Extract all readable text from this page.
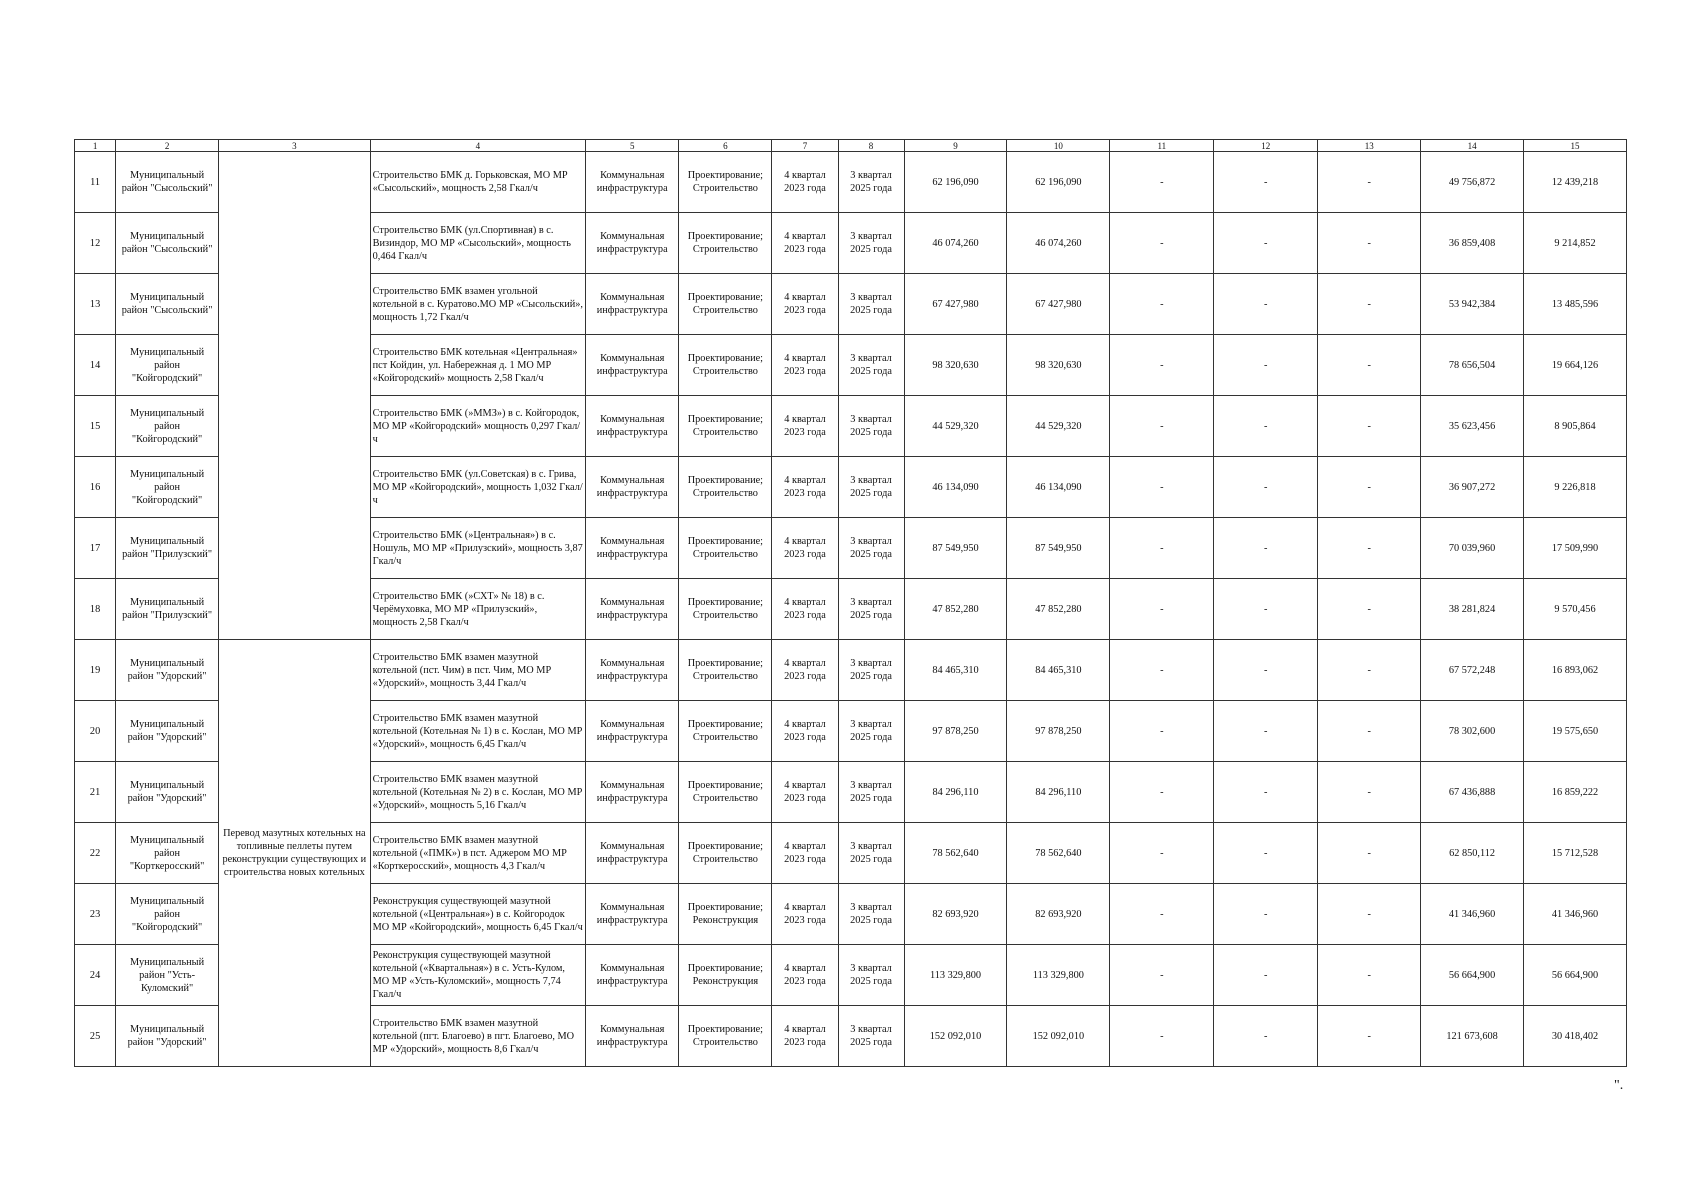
1	2	3	4	5	6	7	8	9	10	11	12	13	14	15
11	Муниципальный район "Сысольский"		Строительство БМК д. Горьковская, МО МР «Сысольский», мощность 2,58 Гкал/ч	Коммунальная инфраструктура	Проектирование; Строительство	4 квартал 2023 года	3 квартал 2025 года	62 196,090	62 196,090	-	-	-	49 756,872	12 439,218
12	Муниципальный район "Сысольский"		Строительство БМК (ул.Спортивная) в с. Визиндор, МО МР «Сысольский», мощность 0,464 Гкал/ч	Коммунальная инфраструктура	Проектирование; Строительство	4 квартал 2023 года	3 квартал 2025 года	46 074,260	46 074,260	-	-	-	36 859,408	9 214,852
13	Муниципальный район "Сысольский"		Строительство БМК взамен угольной котельной в с. Куратово.МО МР «Сысольский», мощность 1,72 Гкал/ч	Коммунальная инфраструктура	Проектирование; Строительство	4 квартал 2023 года	3 квартал 2025 года	67 427,980	67 427,980	-	-	-	53 942,384	13 485,596
14	Муниципальный район "Койгородский"		Строительство БМК котельная «Центральная» пст Койдин, ул. Набережная д. 1 МО МР «Койгородский» мощность 2,58 Гкал/ч	Коммунальная инфраструктура	Проектирование; Строительство	4 квартал 2023 года	3 квартал 2025 года	98 320,630	98 320,630	-	-	-	78 656,504	19 664,126
15	Муниципальный район "Койгородский"		Строительство БМК (»ММЗ») в с. Койгородок, МО МР «Койгородский» мощность 0,297 Гкал/ч	Коммунальная инфраструктура	Проектирование; Строительство	4 квартал 2023 года	3 квартал 2025 года	44 529,320	44 529,320	-	-	-	35 623,456	8 905,864
16	Муниципальный район "Койгородский"		Строительство БМК (ул.Советская) в с. Грива, МО МР «Койгородский», мощность 1,032 Гкал/ч	Коммунальная инфраструктура	Проектирование; Строительство	4 квартал 2023 года	3 квартал 2025 года	46 134,090	46 134,090	-	-	-	36 907,272	9 226,818
17	Муниципальный район "Прилузский"		Строительство БМК (»Центральная») в с. Ношуль, МО МР «Прилузский», мощность 3,87 Гкал/ч	Коммунальная инфраструктура	Проектирование; Строительство	4 квартал 2023 года	3 квартал 2025 года	87 549,950	87 549,950	-	-	-	70 039,960	17 509,990
18	Муниципальный район "Прилузский"		Строительство БМК (»СХТ» № 18) в с. Черёмуховка, МО МР «Прилузский», мощность 2,58 Гкал/ч	Коммунальная инфраструктура	Проектирование; Строительство	4 квартал 2023 года	3 квартал 2025 года	47 852,280	47 852,280	-	-	-	38 281,824	9 570,456
19	Муниципальный район "Удорский"	Перевод мазутных котельных на топливные пеллеты путем реконструкции существующих и строительства новых котельных	Строительство БМК взамен мазутной котельной (пст. Чим) в пст. Чим, МО МР «Удорский», мощность 3,44 Гкал/ч	Коммунальная инфраструктура	Проектирование; Строительство	4 квартал 2023 года	3 квартал 2025 года	84 465,310	84 465,310	-	-	-	67 572,248	16 893,062
20	Муниципальный район "Удорский"		Строительство БМК взамен мазутной котельной (Котельная № 1) в с. Кослан, МО МР «Удорский», мощность 6,45 Гкал/ч	Коммунальная инфраструктура	Проектирование; Строительство	4 квартал 2023 года	3 квартал 2025 года	97 878,250	97 878,250	-	-	-	78 302,600	19 575,650
21	Муниципальный район "Удорский"		Строительство БМК взамен мазутной котельной (Котельная № 2) в с. Кослан, МО МР «Удорский», мощность 5,16 Гкал/ч	Коммунальная инфраструктура	Проектирование; Строительство	4 квартал 2023 года	3 квартал 2025 года	84 296,110	84 296,110	-	-	-	67 436,888	16 859,222
22	Муниципальный район "Корткеросский"		Строительство БМК взамен мазутной котельной («ПМК») в пст. Аджером МО МР «Корткеросский», мощность 4,3 Гкал/ч	Коммунальная инфраструктура	Проектирование; Строительство	4 квартал 2023 года	3 квартал 2025 года	78 562,640	78 562,640	-	-	-	62 850,112	15 712,528
23	Муниципальный район "Койгородский"		Реконструкция существующей мазутной котельной («Центральная») в с. Койгородок МО МР «Койгородский», мощность 6,45 Гкал/ч	Коммунальная инфраструктура	Проектирование; Реконструкция	4 квартал 2023 года	3 квартал 2025 года	82 693,920	82 693,920	-	-	-	41 346,960	41 346,960
24	Муниципальный район "Усть-Куломский"		Реконструкция существующей мазутной котельной («Квартальная») в с. Усть-Кулом, МО МР «Усть-Куломский», мощность 7,74 Гкал/ч	Коммунальная инфраструктура	Проектирование; Реконструкция	4 квартал 2023 года	3 квартал 2025 года	113 329,800	113 329,800	-	-	-	56 664,900	56 664,900
25	Муниципальный район "Удорский"		Строительство БМК взамен мазутной котельной (пгт. Благоево) в пгт. Благоево, МО МР «Удорский», мощность 8,6 Гкал/ч	Коммунальная инфраструктура	Проектирование; Строительство	4 квартал 2023 года	3 квартал 2025 года	152 092,010	152 092,010	-	-	-	121 673,608	30 418,402
".
